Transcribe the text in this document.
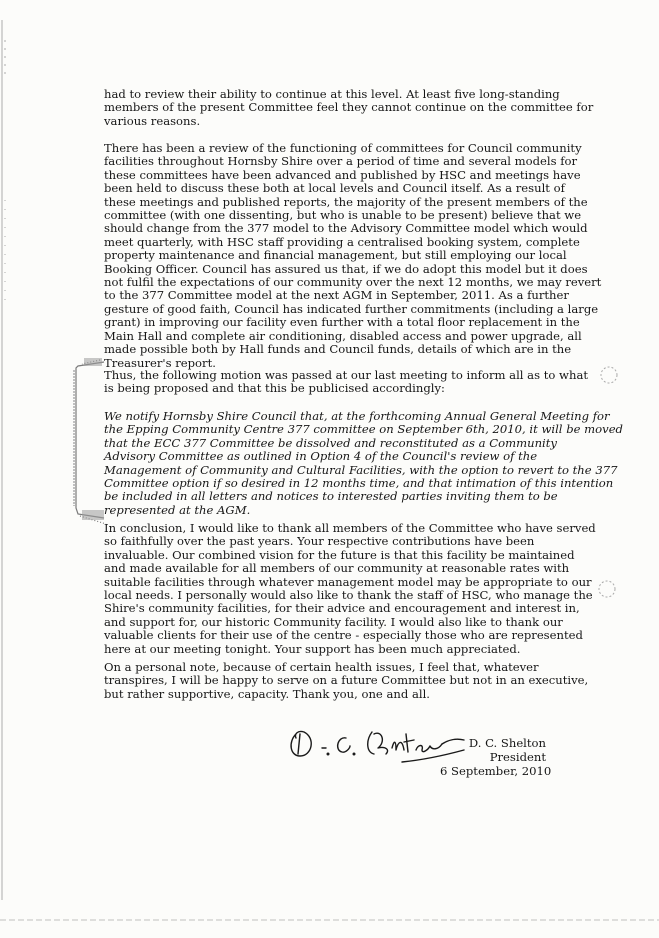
had to review their ability to continue at this level. At least five long-standing
members of the present Committee feel they cannot continue on the committee for
various reasons.
There has been a review of the functioning of committees for Council community
facilities throughout Hornsby Shire over a period of time and several models for
these committees have been advanced and published by HSC and meetings have
been held to discuss these both at local levels and Council itself. As a result of
these meetings and published reports, the majority of the present members of the
committee (with one dissenting, but who is unable to be present) believe that we
should change from the 377 model to the Advisory Committee model which would
meet quarterly, with HSC staff providing a centralised booking system, complete
property maintenance and financial management, but still employing our local
Booking Officer. Council has assured us that, if we do adopt this model but it does
not fulfil the expectations of our community over the next 12 months, we may revert
to the 377 Committee model at the next AGM in September, 2011. As a further
gesture of good faith, Council has indicated further commitments (including a large
grant) in improving our facility even further with a total floor replacement in the
Main Hall and complete air conditioning, disabled access and power upgrade, all
made possible both by Hall funds and Council funds, details of which are in the
Treasurer's report.
Thus, the following motion was passed at our last meeting to inform all as to what
is being proposed and that this be publicised accordingly:
We notify Hornsby Shire Council that, at the forthcoming Annual General Meeting for
the Epping Community Centre 377 committee on September 6th, 2010, it will be moved
that the ECC 377 Committee be dissolved and reconstituted as a Community
Advisory Committee as outlined in Option 4 of the Council's review of the
Management of Community and Cultural Facilities, with the option to revert to the 377
Committee option if so desired in 12 months time, and that intimation of this intention
be included in all letters and notices to interested parties inviting them to be
represented at the AGM.
In conclusion, I would like to thank all members of the Committee who have served
so faithfully over the past years. Your respective contributions have been
invaluable. Our combined vision for the future is that this facility be maintained
and made available for all members of our community at reasonable rates with
suitable facilities through whatever management model may be appropriate to our
local needs. I personally would also like to thank the staff of HSC, who manage the
Shire's community facilities, for their advice and encouragement and interest in,
and support for, our historic Community facility. I would also like to thank our
valuable clients for their use of the centre - especially those who are represented
here at our meeting tonight. Your support has been much appreciated.
On a personal note, because of certain health issues, I feel that, whatever
transpires, I will be happy to serve on a future Committee but not in an executive,
but rather supportive, capacity. Thank you, one and all.
D. C. Shelton
President
6 September, 2010
